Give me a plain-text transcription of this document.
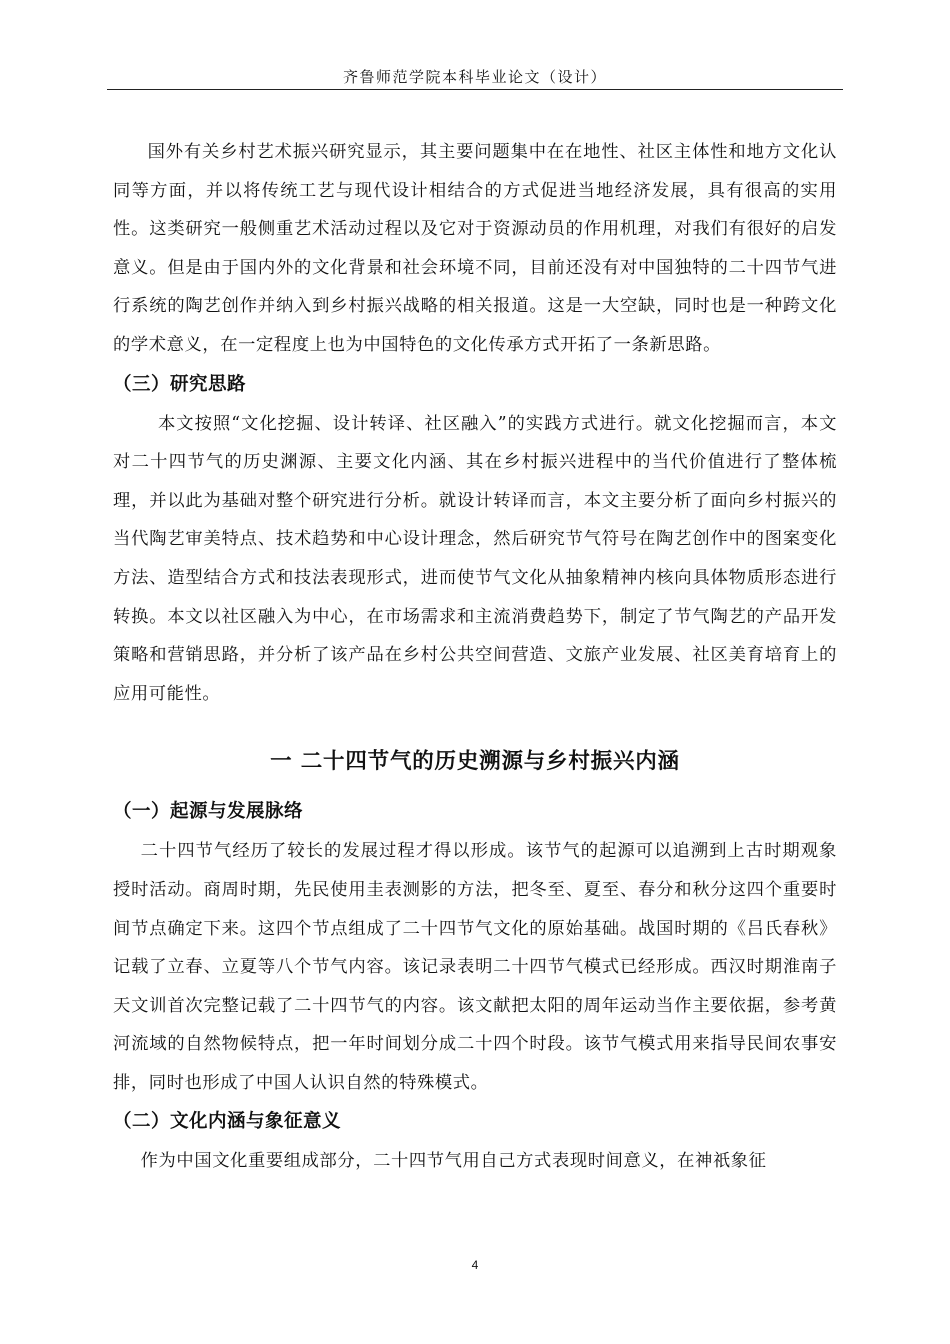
齐鲁师范学院本科毕业论文（设计）

国外有关乡村艺术振兴研究显示，其主要问题集中在在地性、社区主体性和地方文化认同等方面，并以将传统工艺与现代设计相结合的方式促进当地经济发展，具有很高的实用性。这类研究一般侧重艺术活动过程以及它对于资源动员的作用机理，对我们有很好的启发意义。但是由于国内外的文化背景和社会环境不同，目前还没有对中国独特的二十四节气进行系统的陶艺创作并纳入到乡村振兴战略的相关报道。这是一大空缺，同时也是一种跨文化的学术意义，在一定程度上也为中国特色的文化传承方式开拓了一条新思路。

（三）研究思路

本文按照“文化挖掘、设计转译、社区融入”的实践方式进行。就文化挖掘而言，本文对二十四节气的历史渊源、主要文化内涵、其在乡村振兴进程中的当代价值进行了整体梳理，并以此为基础对整个研究进行分析。就设计转译而言，本文主要分析了面向乡村振兴的当代陶艺审美特点、技术趋势和中心设计理念，然后研究节气符号在陶艺创作中的图案变化方法、造型结合方式和技法表现形式，进而使节气文化从抽象精神内核向具体物质形态进行转换。本文以社区融入为中心，在市场需求和主流消费趋势下，制定了节气陶艺的产品开发策略和营销思路，并分析了该产品在乡村公共空间营造、文旅产业发展、社区美育培育上的应用可能性。

一 二十四节气的历史溯源与乡村振兴内涵
（一）起源与发展脉络

二十四节气经历了较长的发展过程才得以形成。该节气的起源可以追溯到上古时期观象授时活动。商周时期，先民使用圭表测影的方法，把冬至、夏至、春分和秋分这四个重要时间节点确定下来。这四个节点组成了二十四节气文化的原始基础。战国时期的《吕氏春秋》记载了立春、立夏等八个节气内容。该记录表明二十四节气模式已经形成。西汉时期淮南子天文训首次完整记载了二十四节气的内容。该文献把太阳的周年运动当作主要依据，参考黄河流域的自然物候特点，把一年时间划分成二十四个时段。该节气模式用来指导民间农事安排，同时也形成了中国人认识自然的特殊模式。

（二）文化内涵与象征意义

作为中国文化重要组成部分，二十四节气用自己方式表现时间意义，在神祇象征

4
